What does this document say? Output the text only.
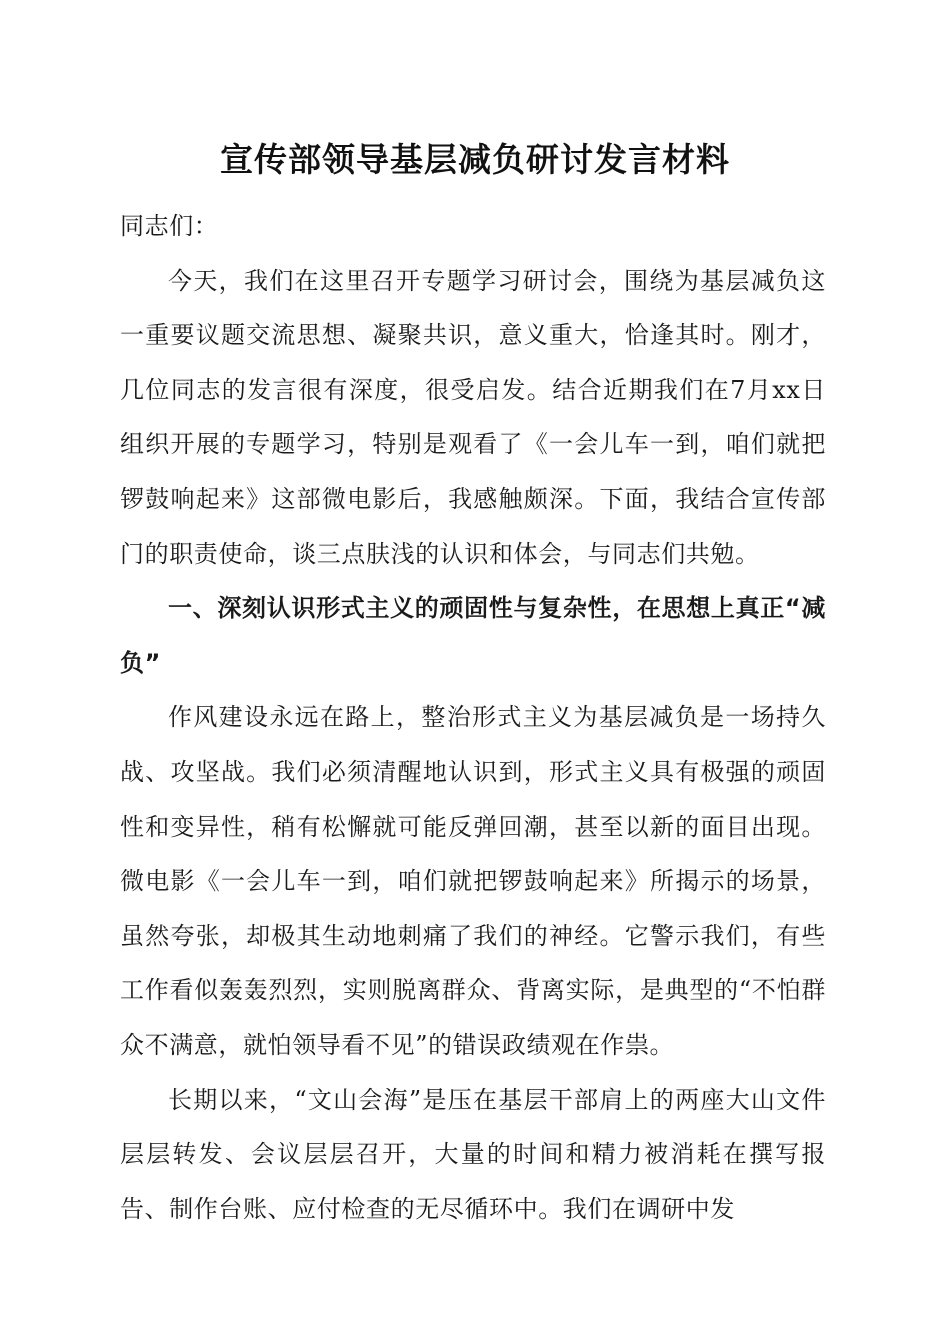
宣传部领导基层减负研讨发言材料

同志们：

今天，我们在这里召开专题学习研讨会，围绕为基层减负这一重要议题交流思想、凝聚共识，意义重大，恰逢其时。刚才，几位同志的发言很有深度，很受启发。结合近期我们在7月xx日组织开展的专题学习，特别是观看了《一会儿车一到，咱们就把锣鼓响起来》这部微电影后，我感触颇深。下面，我结合宣传部门的职责使命，谈三点肤浅的认识和体会，与同志们共勉。

一、深刻认识形式主义的顽固性与复杂性，在思想上真正“减负”

作风建设永远在路上，整治形式主义为基层减负是一场持久战、攻坚战。我们必须清醒地认识到，形式主义具有极强的顽固性和变异性，稍有松懈就可能反弹回潮，甚至以新的面目出现。微电影《一会儿车一到，咱们就把锣鼓响起来》所揭示的场景，虽然夸张，却极其生动地刺痛了我们的神经。它警示我们，有些工作看似轰轰烈烈，实则脱离群众、背离实际，是典型的“不怕群众不满意，就怕领导看不见”的错误政绩观在作祟。

长期以来，“文山会海”是压在基层干部肩上的两座大山文件层层转发、会议层层召开，大量的时间和精力被消耗在撰写报告、制作台账、应付检查的无尽循环中。我们在调研中发
